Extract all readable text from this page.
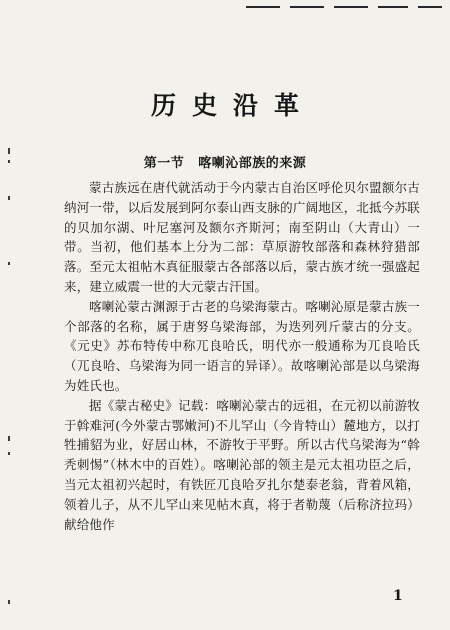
历史沿革
第一节 喀喇沁部族的来源

蒙古族远在唐代就活动于今内蒙古自治区呼伦贝尔盟额尔古纳河一带，以后发展到阿尔泰山西支脉的广阔地区，北抵今苏联的贝加尔湖、叶尼塞河及额尔齐斯河；南至阴山（大青山）一带。当初，他们基本上分为二部：草原游牧部落和森林狩猎部落。至元太祖帖木真征服蒙古各部落以后，蒙古族才统一强盛起来，建立威震一世的大元蒙古汗国。

喀喇沁蒙古渊源于古老的乌梁海蒙古。喀喇沁原是蒙古族一个部落的名称，属于唐努乌梁海部，为迭列列斤蒙古的分支。《元史》苏布特传中称兀良哈氏，明代亦一般通称为兀良哈氏（兀良哈、乌梁海为同一语言的异译）。故喀喇沁部是以乌梁海为姓氏也。

据《蒙古秘史》记载：喀喇沁蒙古的远祖，在元初以前游牧于斡难河(今外蒙古鄂嫩河)不儿罕山（今肯特山）麓地方，以打牲捕貂为业，好居山林，不游牧于平野。所以古代乌梁海为“斡秃刺惕”（林木中的百姓）。喀喇沁部的领主是元太祖功臣之后，当元太祖初兴起时，有铁匠兀良哈歹扎尔楚泰老翁，背着风箱，领着儿子，从不儿罕山来见帖木真，将于者勒蔑（后称济拉玛）献给他作

1
